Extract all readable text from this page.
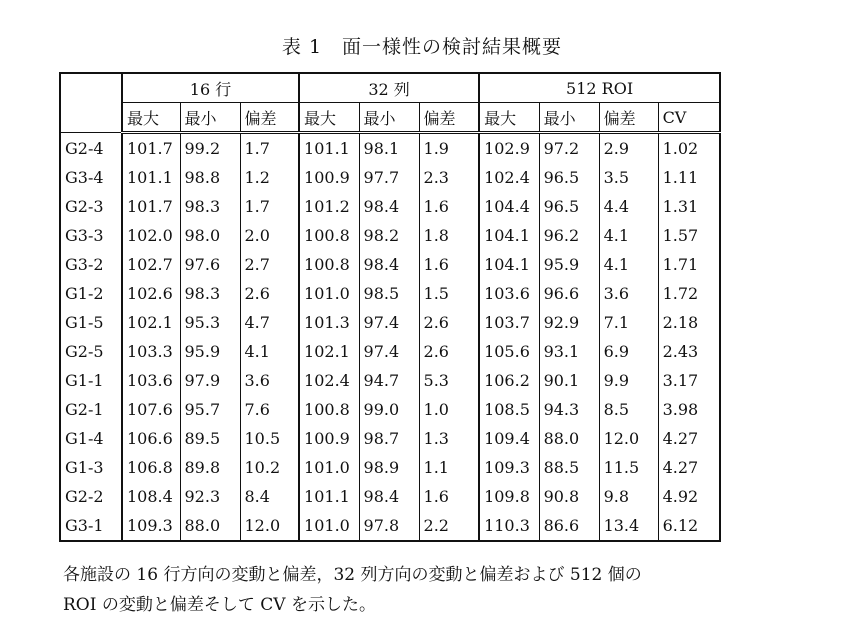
表 1　面一様性の検討結果概要
	16 行			32 列			512 ROI			
	最大	最小	偏差	最大	最小	偏差	最大	最小	偏差	CV
G2-4	101.7	99.2	1.7	101.1	98.1	1.9	102.9	97.2	2.9	1.02
G3-4	101.1	98.8	1.2	100.9	97.7	2.3	102.4	96.5	3.5	1.11
G2-3	101.7	98.3	1.7	101.2	98.4	1.6	104.4	96.5	4.4	1.31
G3-3	102.0	98.0	2.0	100.8	98.2	1.8	104.1	96.2	4.1	1.57
G3-2	102.7	97.6	2.7	100.8	98.4	1.6	104.1	95.9	4.1	1.71
G1-2	102.6	98.3	2.6	101.0	98.5	1.5	103.6	96.6	3.6	1.72
G1-5	102.1	95.3	4.7	101.3	97.4	2.6	103.7	92.9	7.1	2.18
G2-5	103.3	95.9	4.1	102.1	97.4	2.6	105.6	93.1	6.9	2.43
G1-1	103.6	97.9	3.6	102.4	94.7	5.3	106.2	90.1	9.9	3.17
G2-1	107.6	95.7	7.6	100.8	99.0	1.0	108.5	94.3	8.5	3.98
G1-4	106.6	89.5	10.5	100.9	98.7	1.3	109.4	88.0	12.0	4.27
G1-3	106.8	89.8	10.2	101.0	98.9	1.1	109.3	88.5	11.5	4.27
G2-2	108.4	92.3	8.4	101.1	98.4	1.6	109.8	90.8	9.8	4.92
G3-1	109.3	88.0	12.0	101.0	97.8	2.2	110.3	86.6	13.4	6.12
各施設の 16 行方向の変動と偏差，32 列方向の変動と偏差および 512 個の
ROI の変動と偏差そして CV を示した。
